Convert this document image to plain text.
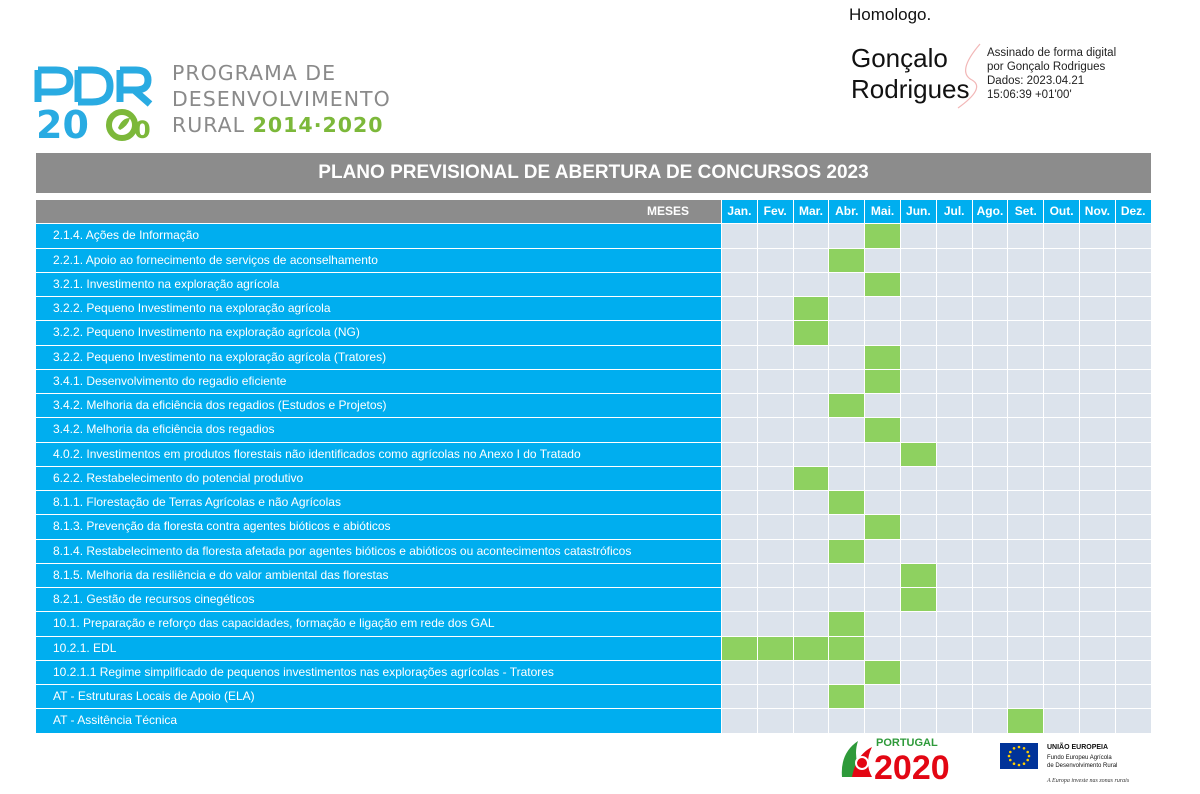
20 0
PROGRAMA DE
DESENVOLVIMENTO
RURAL 2014·2020
Homologo.
Gonçalo
Rodrigues
Assinado de forma digital
por Gonçalo Rodrigues
Dados: 2023.04.21
15:06:39 +01'00'
PLANO PREVISIONAL DE ABERTURA DE CONCURSOS 2023
MESES	Jan.	Fev.	Mar.	Abr.	Mai. Jun.	Jul.	Ago. Set.	Out. Nov. Dez.
2.1.4. Ações de Informação
2.2.1. Apoio ao fornecimento de serviços de aconselhamento
3.2.1. Investimento na exploração agrícola
3.2.2. Pequeno Investimento na exploração agrícola
3.2.2. Pequeno Investimento na exploração agrícola (NG)
3.2.2. Pequeno Investimento na exploração agrícola (Tratores)
3.4.1. Desenvolvimento do regadio eficiente
3.4.2. Melhoria da eficiência dos regadios (Estudos e Projetos)
3.4.2. Melhoria da eficiência dos regadios
4.0.2. Investimentos em produtos florestais não identificados como agrícolas no Anexo I do Tratado
6.2.2. Restabelecimento do potencial produtivo
8.1.1. Florestação de Terras Agrícolas e não Agrícolas
8.1.3. Prevenção da floresta contra agentes bióticos e abióticos
8.1.4. Restabelecimento da floresta afetada por agentes bióticos e abióticos ou acontecimentos catastróficos
8.1.5. Melhoria da resiliência e do valor ambiental das florestas
8.2.1. Gestão de recursos cinegéticos
10.1. Preparação e reforço das capacidades, formação e ligação em rede dos GAL
10.2.1. EDL
10.2.1.1 Regime simplificado de pequenos investimentos nas explorações agrícolas - Tratores
AT - Estruturas Locais de Apoio (ELA)
AT - Assitência Técnica
PORTUGAL
2020
UNIÃO EUROPEIA
Fundo Europeu Agrícola
de Desenvolvimento Rural
A Europa investe nas zonas rurais
